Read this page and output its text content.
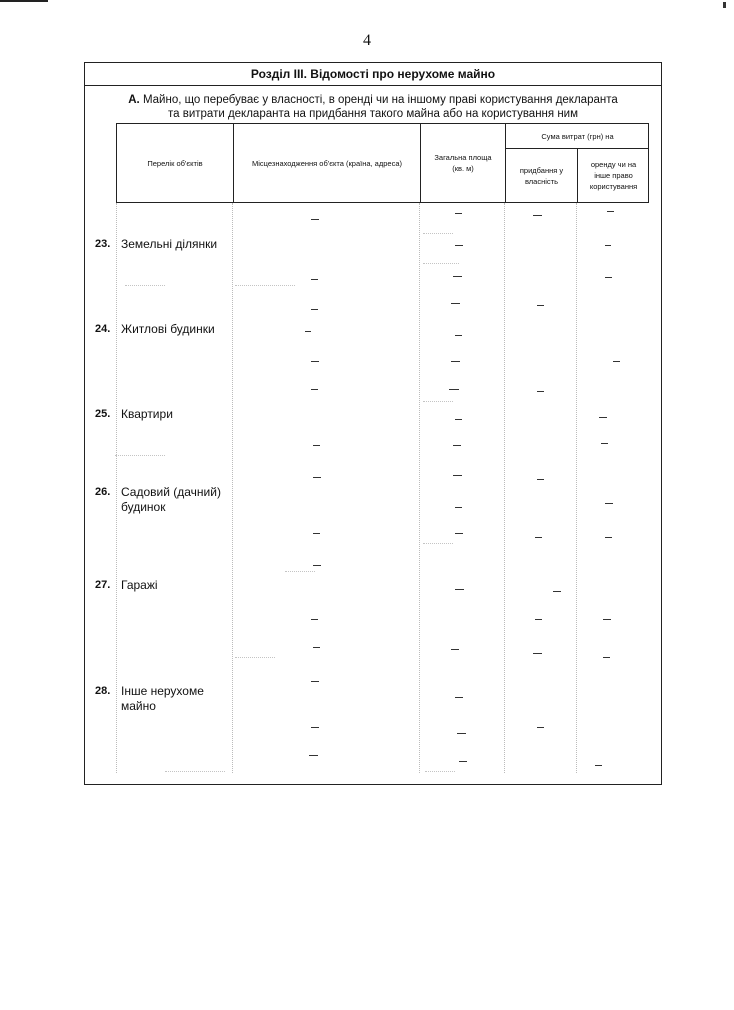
4
Розділ III. Відомості про нерухоме майно
А. Майно, що перебуває у власності, в оренді чи на іншому праві користування декларанта
та витрати декларанта на придбання такого майна або на користування ним
Перелік об'єктів	Місцезнаходження об'єкта (країна, адреса)
Загальна площа (кв. м)
Сума витрат (грн) на
придбання у власність
оренду чи на інше право користування
23. Земельні ділянки
24. Житлові будинки
25. Квартири
26. Садовий (дачний) будинок
27. Гаражі
28. Інше нерухоме майно
